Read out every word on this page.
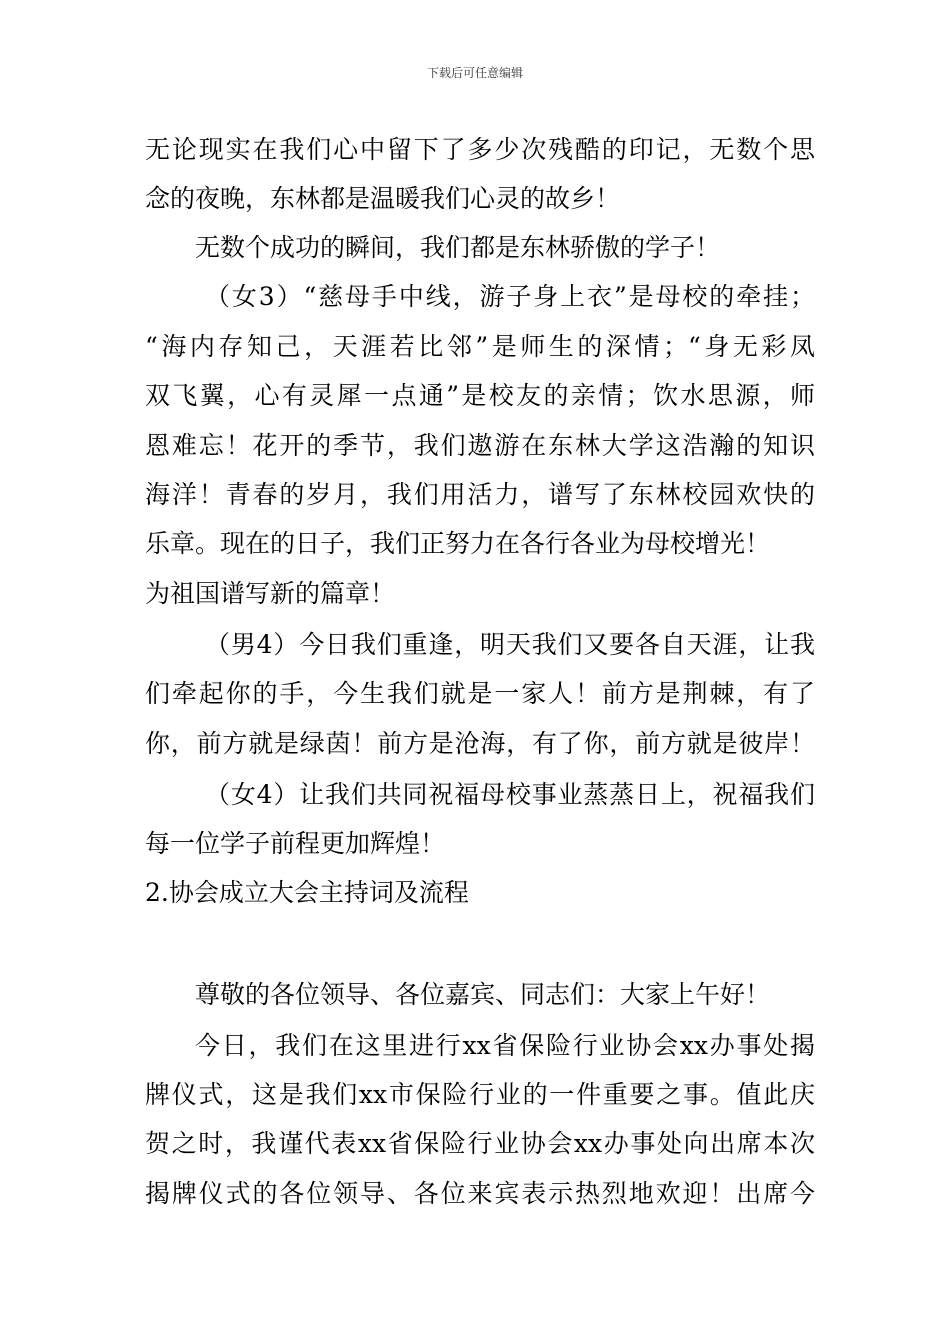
下载后可任意编辑
无论现实在我们心中留下了多少次残酷的印记，无数个思
念的夜晚，东林都是温暖我们心灵的故乡！
无数个成功的瞬间，我们都是东林骄傲的学子！
（女3）“慈母手中线，游子身上衣”是母校的牵挂；
“海内存知己，天涯若比邻”是师生的深情；“身无彩凤
双飞翼，心有灵犀一点通”是校友的亲情；饮水思源，师
恩难忘！花开的季节，我们遨游在东林大学这浩瀚的知识
海洋！青春的岁月，我们用活力，谱写了东林校园欢快的
乐章。现在的日子，我们正努力在各行各业为母校增光！
为祖国谱写新的篇章！
（男4）今日我们重逢，明天我们又要各自天涯，让我
们牵起你的手，今生我们就是一家人！前方是荆棘，有了
你，前方就是绿茵！前方是沧海，有了你，前方就是彼岸！
（女4）让我们共同祝福母校事业蒸蒸日上，祝福我们
每一位学子前程更加辉煌！
2.协会成立大会主持词及流程
尊敬的各位领导、各位嘉宾、同志们：大家上午好！
今日，我们在这里进行xx省保险行业协会xx办事处揭
牌仪式，这是我们xx市保险行业的一件重要之事。值此庆
贺之时，我谨代表xx省保险行业协会xx办事处向出席本次
揭牌仪式的各位领导、各位来宾表示热烈地欢迎！出席今
